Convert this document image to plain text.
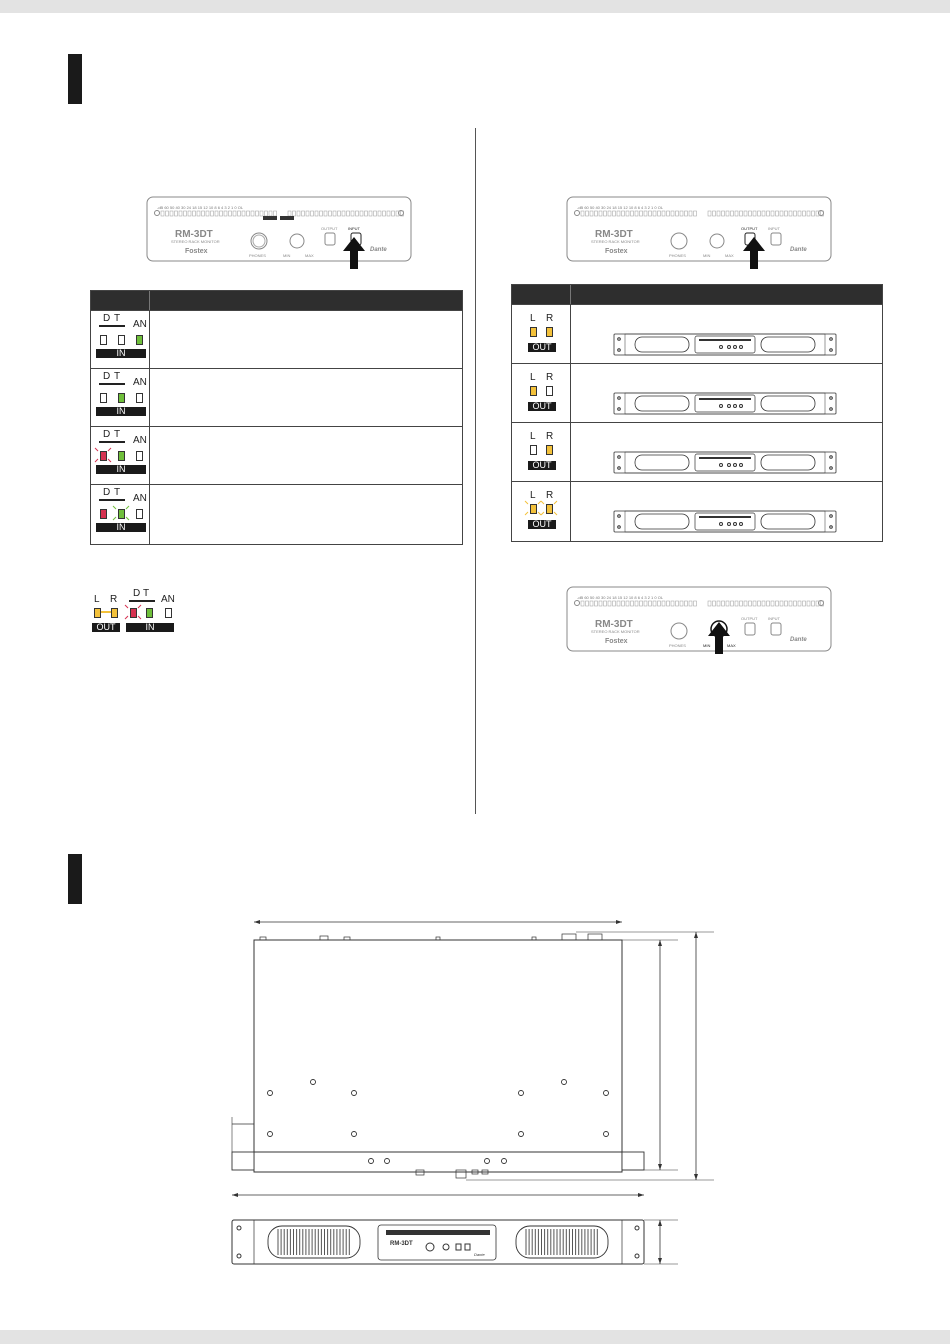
-dB 60 50 40 30 24 18 15 12 10 8 6 4 3 2 1 0 OL
RM-3DT
STEREO RACK MONITOR
Fostex
PHONES	MIN	MAX
OUTPUT	INPUT
Dante
D T
AN
IN
D T
AN
IN
D T
AN
IN
D T
AN
IN
L R
OUT
D T
AN
IN
-dB 60 50 40 30 24 18 15 12 10 8 6 4 3 2 1 0 OL
RM-3DT
STEREO RACK MONITOR
Fostex
PHONES	MIN	MAX
OUTPUT	INPUT
Dante
L R
OUT
L R
OUT
L R
OUT
L R
OUT
-dB 60 50 40 30 24 18 15 12 10 8 6 4 3 2 1 0 OL
RM-3DT
STEREO RACK MONITOR
Fostex
PHONES	MIN	MAX
OUTPUT	INPUT
Dante
RM-3DT
Dante
